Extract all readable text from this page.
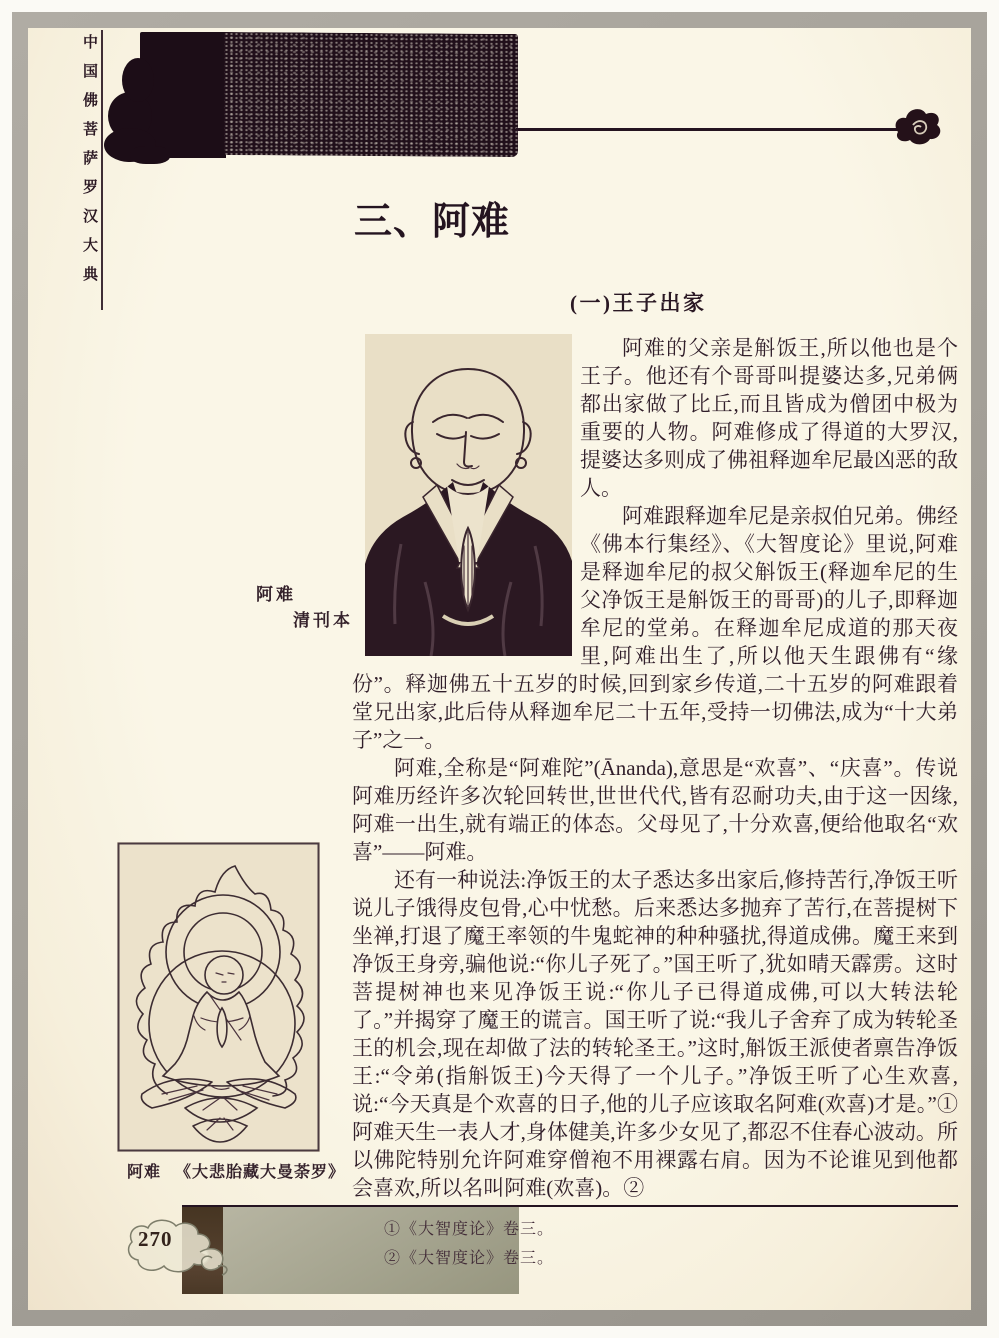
中国佛菩萨罗汉大典	三、阿难
(一)王子出家

阿难的父亲是斛饭王,所以他也是个王子。他还有个哥哥叫提婆达多,兄弟俩都出家做了比丘,而且皆成为僧团中极为重要的人物。阿难修成了得道的大罗汉,提婆达多则成了佛祖释迦牟尼最凶恶的敌人。

阿难跟释迦牟尼是亲叔伯兄弟。佛经《佛本行集经》、《大智度论》里说,阿难是释迦牟尼的叔父斛饭王(释迦牟尼的生父净饭王是斛饭王的哥哥)的儿子,即释迦牟尼的堂弟。在释迦牟尼成道的那天夜里,阿难出生了,所以他天生跟佛有“缘份”。释迦佛五十五岁的时候,回到家乡传道,二十五岁的阿难跟着堂兄出家,此后侍从释迦牟尼二十五年,受持一切佛法,成为“十大弟子”之一。

阿难,全称是“阿难陀”(Ānanda),意思是“欢喜”、“庆喜”。传说阿难历经许多次轮回转世,世世代代,皆有忍耐功夫,由于这一因缘,阿难一出生,就有端正的体态。父母见了,十分欢喜,便给他取名“欢喜”——阿难。

还有一种说法:净饭王的太子悉达多出家后,修持苦行,净饭王听说儿子饿得皮包骨,心中忧愁。后来悉达多抛弃了苦行,在菩提树下坐禅,打退了魔王率领的牛鬼蛇神的种种骚扰,得道成佛。魔王来到净饭王身旁,骗他说:“你儿子死了。”国王听了,犹如晴天霹雳。这时菩提树神也来见净饭王说:“你儿子已得道成佛,可以大转法轮了。”并揭穿了魔王的谎言。国王听了说:“我儿子舍弃了成为转轮圣王的机会,现在却做了法的转轮圣王。”这时,斛饭王派使者禀告净饭王:“令弟(指斛饭王)今天得了一个儿子。”净饭王听了心生欢喜,说:“今天真是个欢喜的日子,他的儿子应该取名阿难(欢喜)才是。”① 阿难天生一表人才,身体健美,许多少女见了,都忍不住春心波动。所以佛陀特别允许阿难穿僧袍不用裸露右肩。因为不论谁见到他都会喜欢,所以名叫阿难(欢喜)。②

阿难
清刊本
阿难 《大悲胎藏大曼荼罗》
①《大智度论》卷三。
②《大智度论》卷三。
270
